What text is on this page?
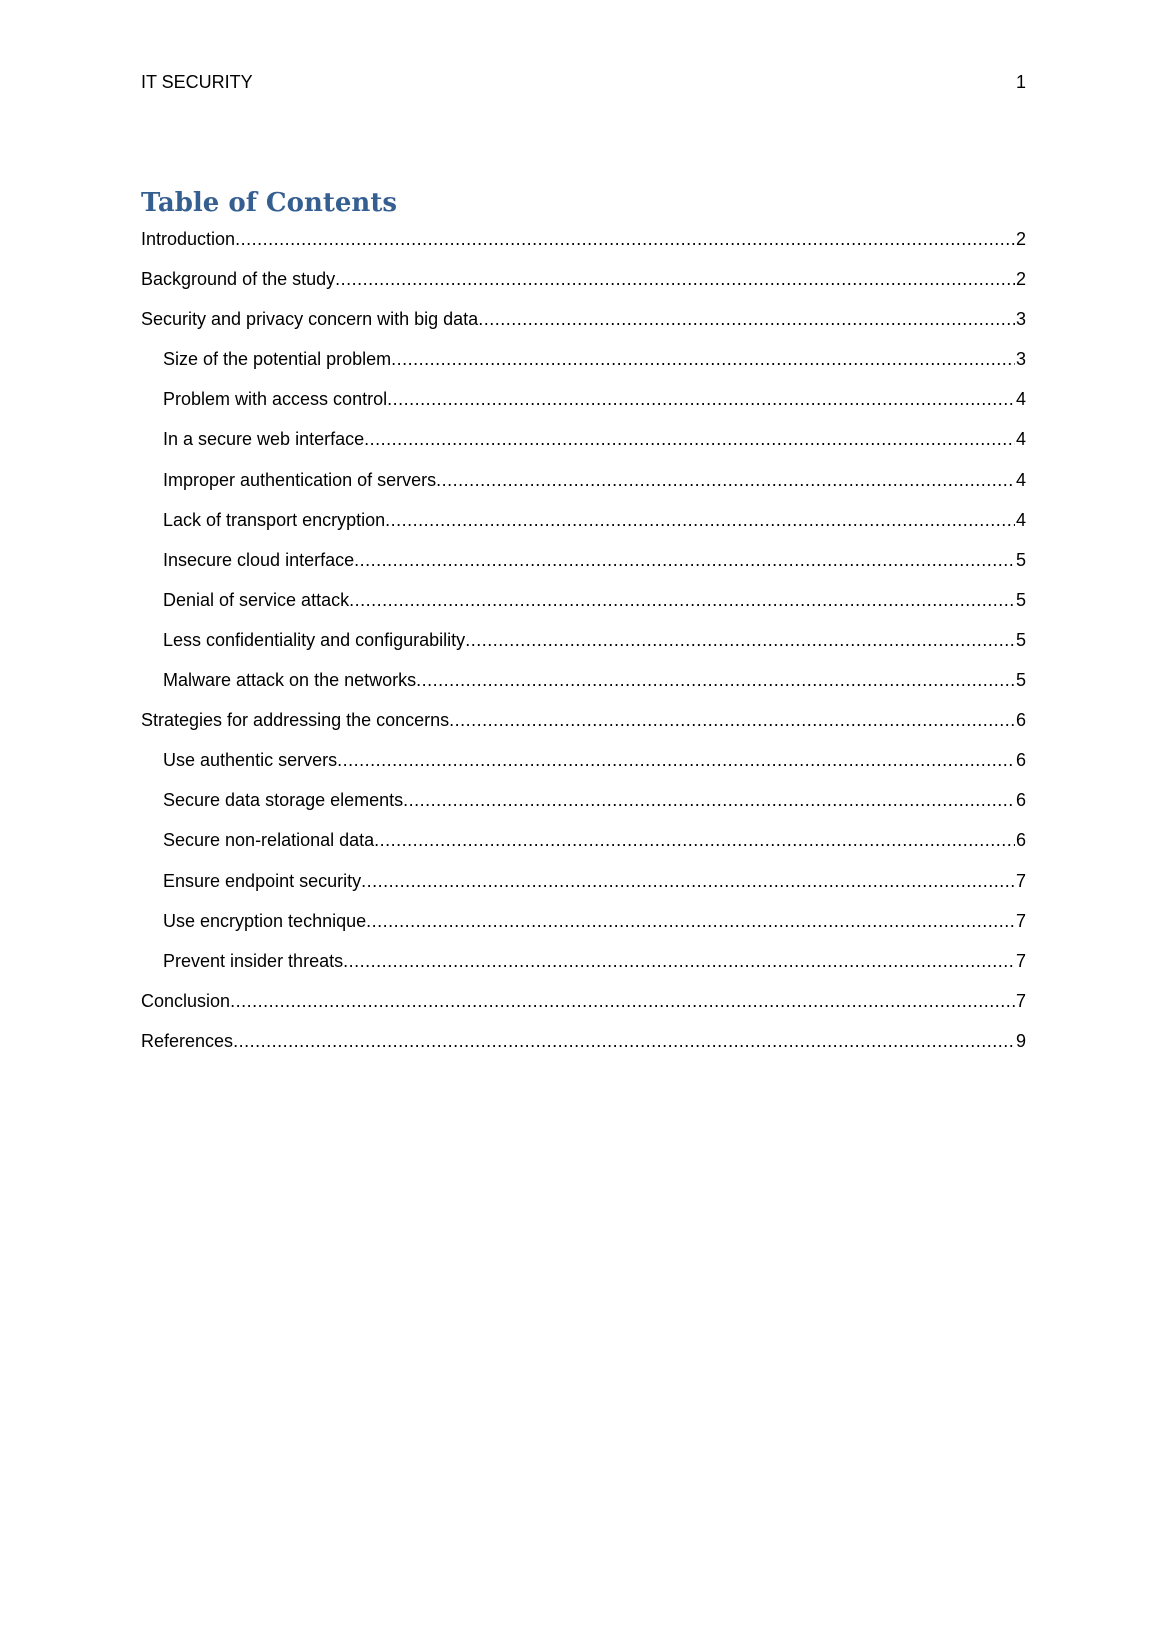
IT SECURITY	1
Table of Contents
Introduction .....	2
Background of the study .....	2
Security and privacy concern with big data .....	3
Size of the potential problem .....	3
Problem with access control .....	4
In a secure web interface .....	4
Improper authentication of servers .....	4
Lack of transport encryption .....	4
Insecure cloud interface .....	5
Denial of service attack .....	5
Less confidentiality and configurability .....	5
Malware attack on the networks .....	5
Strategies for addressing the concerns .....	6
Use authentic servers .....	6
Secure data storage elements .....	6
Secure non-relational data .....	6
Ensure endpoint security .....	7
Use encryption technique .....	7
Prevent insider threats .....	7
Conclusion .....	7
References .....	9
